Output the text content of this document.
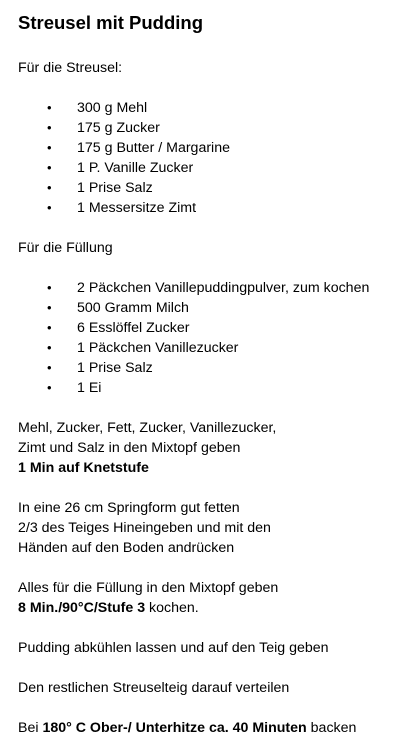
Streusel mit Pudding

Für die Streusel:

• 300 g Mehl
• 175 g Zucker
• 175 g Butter / Margarine
• 1 P. Vanille Zucker
• 1 Prise Salz
• 1 Messersitze Zimt

Für die Füllung

• 2 Päckchen Vanillepuddingpulver, zum kochen
• 500 Gramm Milch
• 6 Esslöffel Zucker
• 1 Päckchen Vanillezucker
• 1 Prise Salz
• 1 Ei

Mehl, Zucker, Fett, Zucker, Vanillezucker,
Zimt und Salz in den Mixtopf geben
1 Min auf Knetstufe

In eine 26 cm Springform gut fetten
2/3 des Teiges Hineingeben und mit den
Händen auf den Boden andrücken

Alles für die Füllung in den Mixtopf geben
8 Min./90°C/Stufe 3 kochen.

Pudding abkühlen lassen und auf den Teig geben

Den restlichen Streuselteig darauf verteilen

Bei 180° C Ober-/ Unterhitze ca. 40 Minuten backen
